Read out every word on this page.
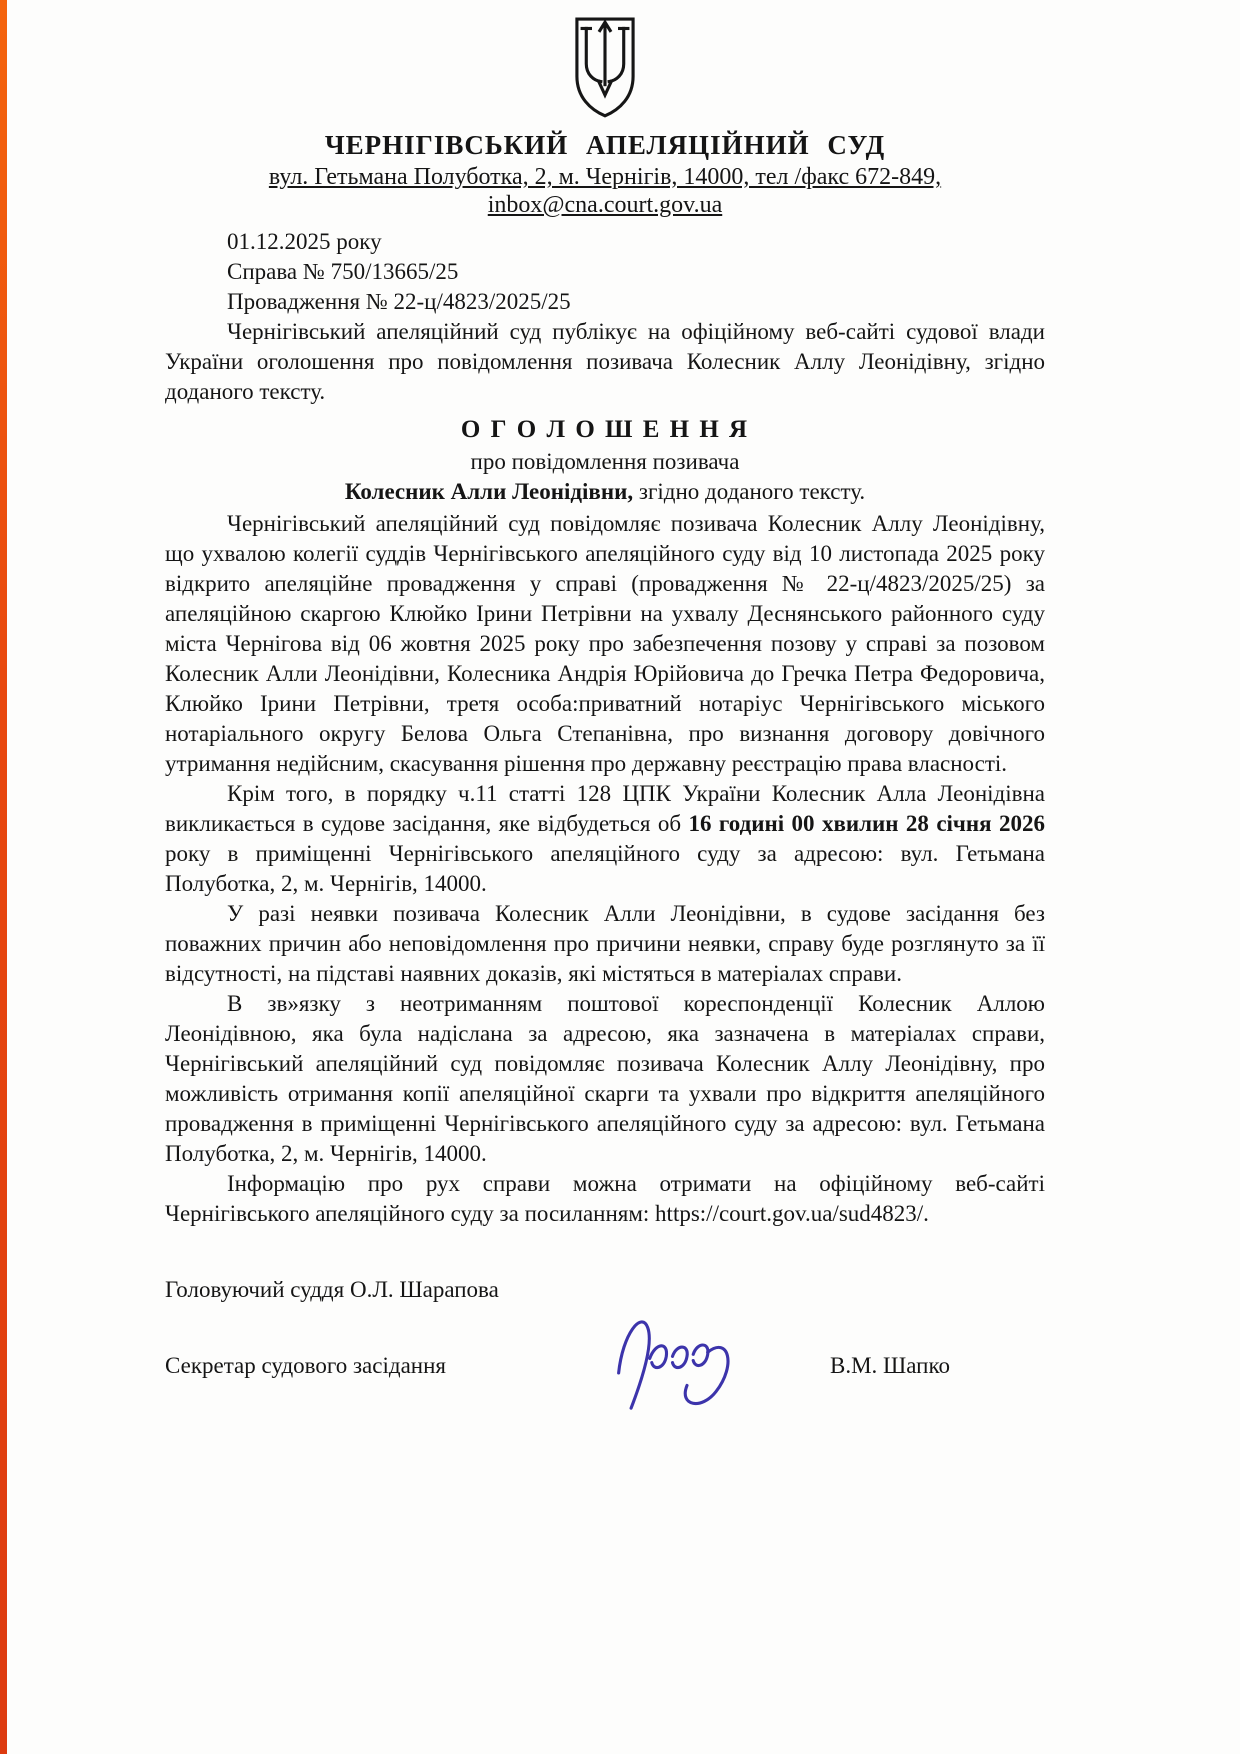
ЧЕРНІГІВСЬКИЙ АПЕЛЯЦІЙНИЙ СУД
вул. Гетьмана Полуботка, 2, м. Чернігів, 14000, тел /факс 672-849,
inbox@cna.court.gov.ua
01.12.2025 року
Справа № 750/13665/25
Провадження № 22-ц/4823/2025/25

Чернігівський апеляційний суд публікує на офіційному веб-сайті судової влади України оголошення про повідомлення позивача Колесник Аллу Леонідівну, згідно доданого тексту.

О Г О Л О Ш Е Н Н Я
про повідомлення позивача
Колесник Алли Леонідівни, згідно доданого тексту.

Чернігівський апеляційний суд повідомляє позивача Колесник Аллу Леонідівну, що ухвалою колегії суддів Чернігівського апеляційного суду від 10 листопада 2025 року відкрито апеляційне провадження у справі (провадження № 22-ц/4823/2025/25) за апеляційною скаргою Клюйко Ірини Петрівни на ухвалу Деснянського районного суду міста Чернігова від 06 жовтня 2025 року про забезпечення позову у справі за позовом Колесник Алли Леонідівни, Колесника Андрія Юрійовича до Гречка Петра Федоровича, Клюйко Ірини Петрівни, третя особа:приватний нотаріус Чернігівського міського нотаріального округу Белова Ольга Степанівна, про визнання договору довічного утримання недійсним, скасування рішення про державну реєстрацію права власності.

Крім того, в порядку ч.11 статті 128 ЦПК України Колесник Алла Леонідівна викликається в судове засідання, яке відбудеться об 16 годині 00 хвилин 28 січня 2026 року в приміщенні Чернігівського апеляційного суду за адресою: вул. Гетьмана Полуботка, 2, м. Чернігів, 14000.

У разі неявки позивача Колесник Алли Леонідівни, в судове засідання без поважних причин або неповідомлення про причини неявки, справу буде розглянуто за її відсутності, на підставі наявних доказів, які містяться в матеріалах справи.

В зв»язку з неотриманням поштової кореспонденції Колесник Аллою Леонідівною, яка була надіслана за адресою, яка зазначена в матеріалах справи, Чернігівський апеляційний суд повідомляє позивача Колесник Аллу Леонідівну, про можливість отримання копії апеляційної скарги та ухвали про відкриття апеляційного провадження в приміщенні Чернігівського апеляційного суду за адресою: вул. Гетьмана Полуботка, 2, м. Чернігів, 14000.

Інформацію про рух справи можна отримати на офіційному веб-сайті Чернігівського апеляційного суду за посиланням: https://court.gov.ua/sud4823/.

Головуючий суддя О.Л. Шарапова
Секретар судового засідання	В.М. Шапко
